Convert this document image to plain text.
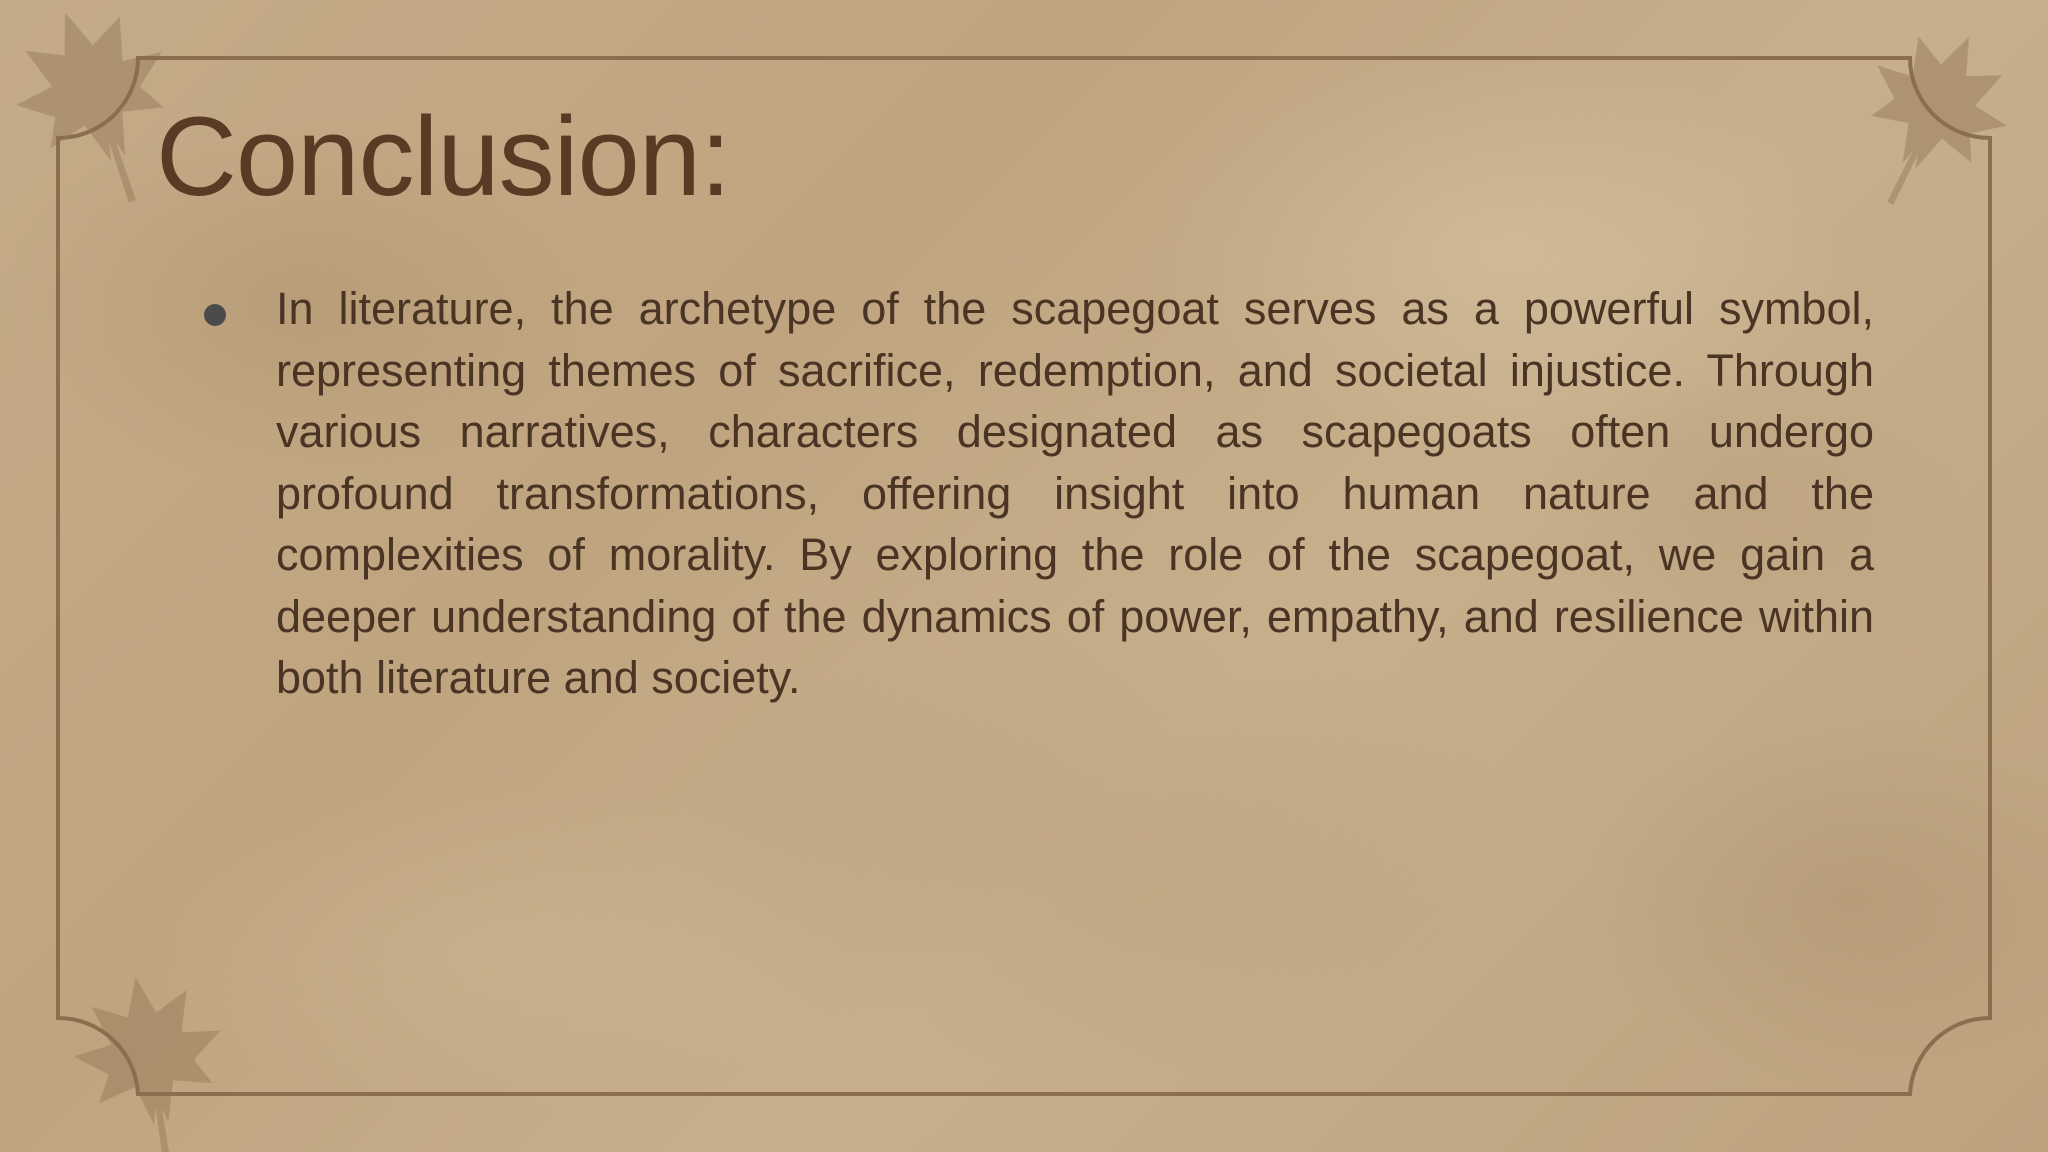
Conclusion:
In literature, the archetype of the scapegoat serves as a powerful symbol, representing themes of sacrifice, redemption, and societal injustice. Through various narratives, characters designated as scapegoats often undergo profound transformations, offering insight into human nature and the complexities of morality. By exploring the role of the scapegoat, we gain a deeper understanding of the dynamics of power, empathy, and resilience within both literature and society.
